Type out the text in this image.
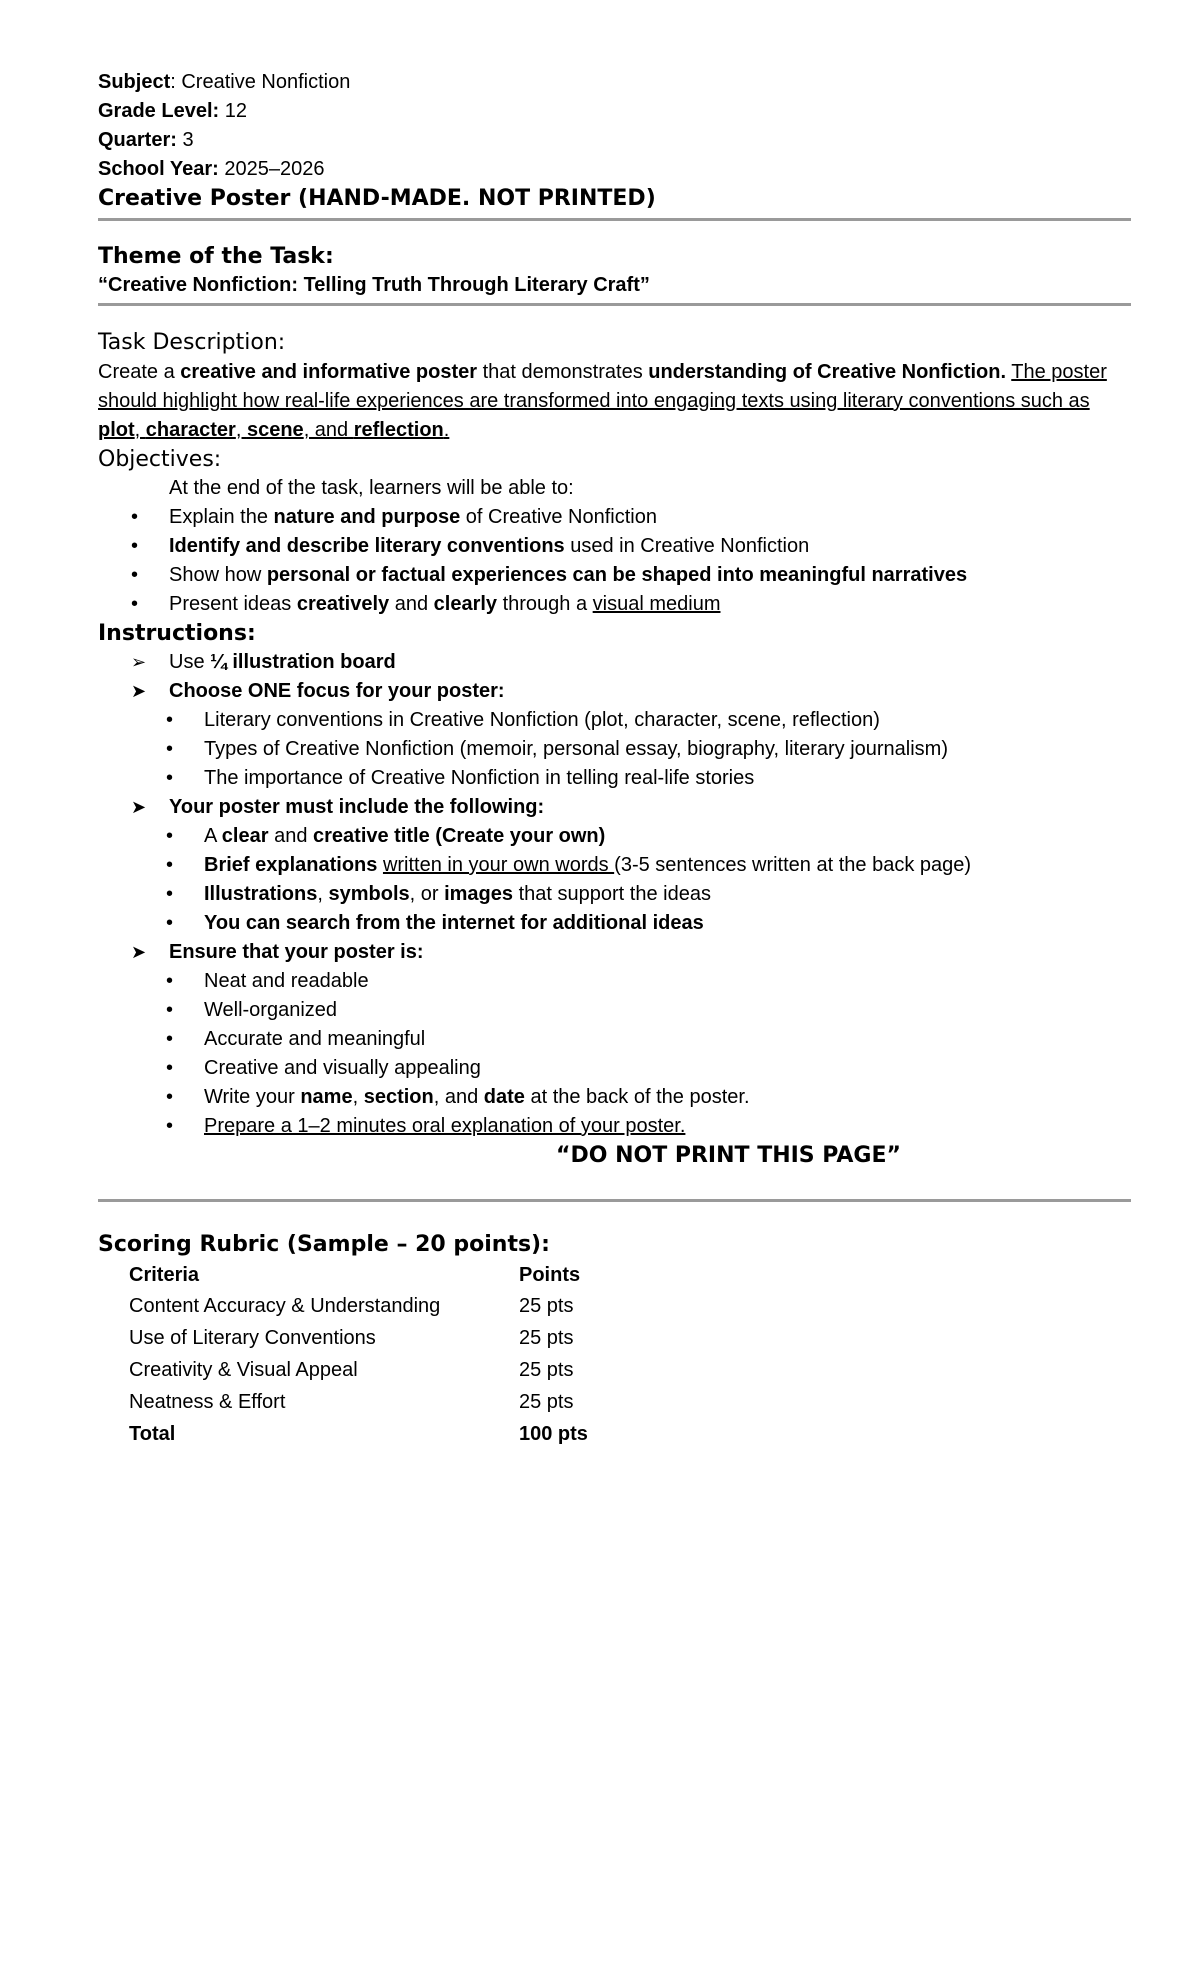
Subject: Creative Nonfiction
Grade Level: 12
Quarter: 3
School Year: 2025–2026
Creative Poster (HAND-MADE. NOT PRINTED)
Theme of the Task:
“Creative Nonfiction: Telling Truth Through Literary Craft”
Task Description:
Create a creative and informative poster that demonstrates understanding of Creative Nonfiction. The poster should highlight how real-life experiences are transformed into engaging texts using literary conventions such as plot, character, scene, and reflection.
Objectives:
At the end of the task, learners will be able to:
• Explain the nature and purpose of Creative Nonfiction
• Identify and describe literary conventions used in Creative Nonfiction
• Show how personal or factual experiences can be shaped into meaningful narratives
• Present ideas creatively and clearly through a visual medium
Instructions:
➢ Use ¼ illustration board
➤ Choose ONE focus for your poster:
• Literary conventions in Creative Nonfiction (plot, character, scene, reflection)
• Types of Creative Nonfiction (memoir, personal essay, biography, literary journalism)
• The importance of Creative Nonfiction in telling real-life stories
➤ Your poster must include the following:
• A clear and creative title (Create your own)
• Brief explanations written in your own words (3-5 sentences written at the back page)
• Illustrations, symbols, or images that support the ideas
• You can search from the internet for additional ideas
➤ Ensure that your poster is:
• Neat and readable
• Well-organized
• Accurate and meaningful
• Creative and visually appealing
• Write your name, section, and date at the back of the poster.
• Prepare a 1–2 minutes oral explanation of your poster.
“DO NOT PRINT THIS PAGE”
Scoring Rubric (Sample – 20 points):
Criteria	Points
Content Accuracy & Understanding	25 pts
Use of Literary Conventions	25 pts
Creativity & Visual Appeal	25 pts
Neatness & Effort	25 pts
Total	100 pts
